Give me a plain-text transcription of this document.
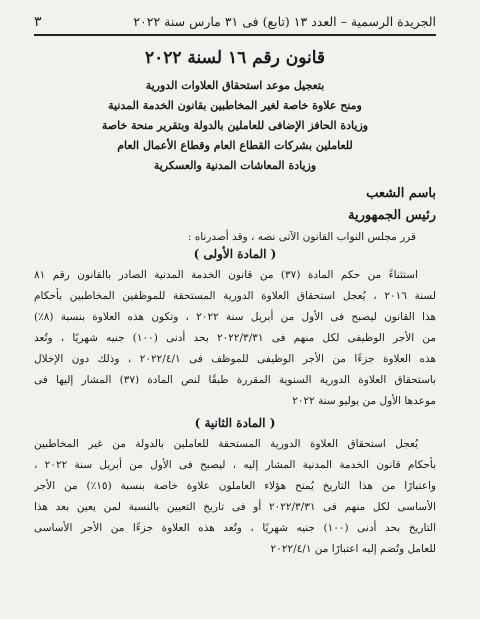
الجريدة الرسمية – العدد ١٣ (تابع) فى ٣١ مارس سنة ٢٠٢٢
٣
قانون رقم ١٦ لسنة ٢٠٢٢
بتعجيل موعد استحقاق العلاوات الدورية
ومنح علاوة خاصة لغير المخاطبين بقانون الخدمة المدنية
وزيادة الحافز الإضافى للعاملين بالدولة وبتقرير منحة خاصة
للعاملين بشركات القطاع العام وقطاع الأعمال العام
وزيادة المعاشات المدنية والعسكرية
باسم الشعب
رئيس الجمهورية
قرر مجلس النواب القانون الآتى نصه ، وقد أصدرناه :
( المادة الأولى )
استثناءً من حكم المادة (٣٧) من قانون الخدمة المدنية الصادر بالقانون رقم ٨١
لسنة ٢٠١٦ ، يُعجل استحقاق العلاوة الدورية المستحقة للموظفين المخاطبين بأحكام
هذا القانون ليصبح فى الأول من أبريل سنة ٢٠٢٢ ، وتكون هذه العلاوة بنسبة (٨٪)
من الأجر الوظيفى لكل منهم فى ٢٠٢٢/٣/٣١ بحد أدنى (١٠٠) جنيه شهريًا ، وتُعد
هذه العلاوة جزءًا من الأجر الوظيفى للموظف فى ٢٠٢٢/٤/١ ، وذلك دون الإخلال
باستحقاق العلاوة الدورية السنوية المقررة طبقًا لنص المادة (٣٧) المشار إليها فى
موعدها الأول من يوليو سنة ٢٠٢٢
( المادة الثانية )
يُعجل استحقاق العلاوة الدورية المستحقة للعاملين بالدولة من غير المخاطبين
بأحكام قانون الخدمة المدنية المشار إليه ، ليصبح فى الأول من أبريل سنة ٢٠٢٢ ،
واعتبارًا من هذا التاريخ يُمنح هؤلاء العاملون علاوة خاصة بنسبة (١٥٪) من الأجر
الأساسى لكل منهم فى ٢٠٢٢/٣/٣١ أو فى تاريخ التعيين بالنسبة لمن يعين بعد هذا
التاريخ بحد أدنى (١٠٠) جنيه شهريًا ، وتُعد هذه العلاوة جزءًا من الأجر الأساسى
للعامل وتُضم إليه اعتبارًا من ٢٠٢٢/٤/١
